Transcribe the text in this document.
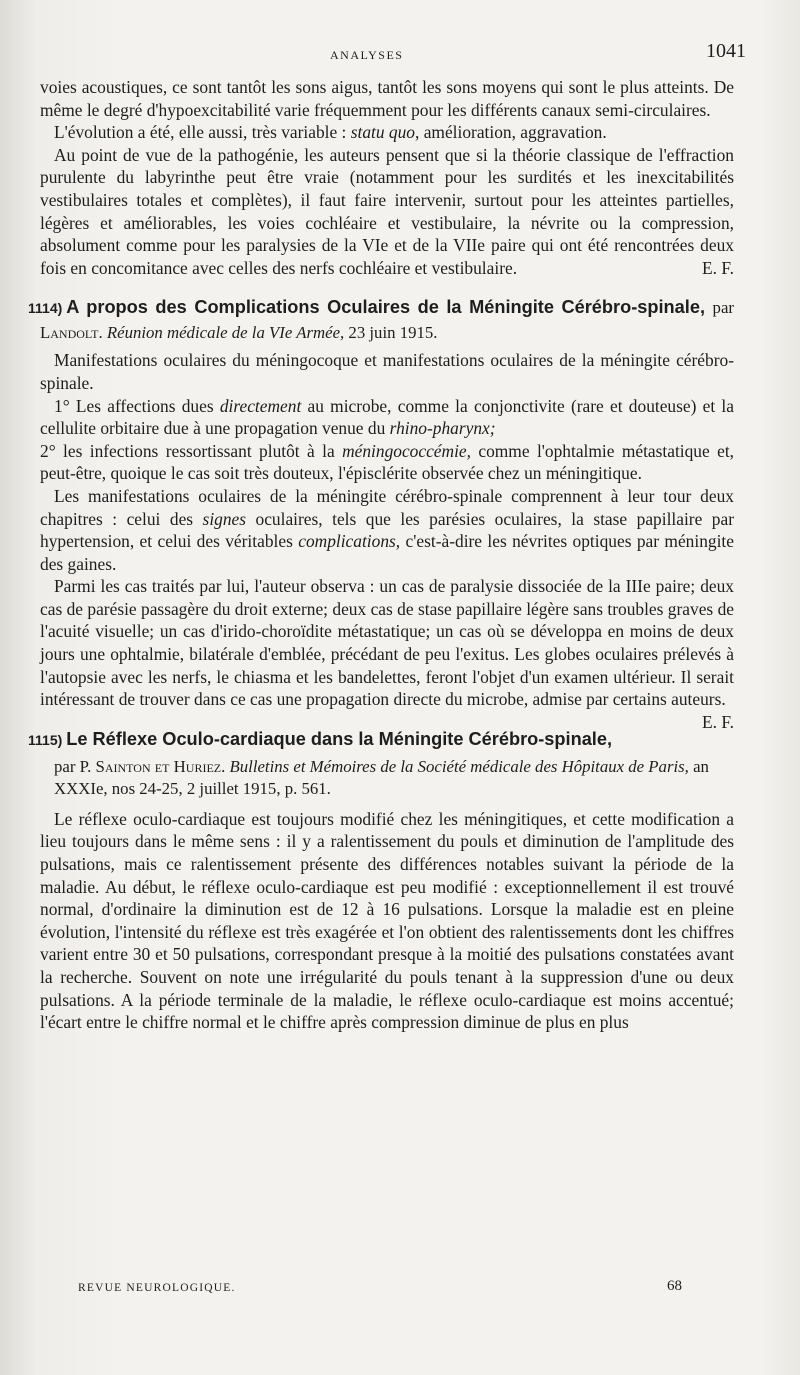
ANALYSES	1041

voies acoustiques, ce sont tantôt les sons aigus, tantôt les sons moyens qui sont le plus atteints. De même le degré d'hypoexcitabilité varie fréquemment pour les différents canaux semi-circulaires.

L'évolution a été, elle aussi, très variable : statu quo, amélioration, aggravation.

Au point de vue de la pathogénie, les auteurs pensent que si la théorie classique de l'effraction purulente du labyrinthe peut être vraie (notamment pour les surdités et les inexcitabilités vestibulaires totales et complètes), il faut faire intervenir, surtout pour les atteintes partielles, légères et améliorables, les voies cochléaire et vestibulaire, la névrite ou la compression, absolument comme pour les paralysies de la VIe et de la VIIe paire qui ont été rencontrées deux fois en concomitance avec celles des nerfs cochléaire et vestibulaire.	E. F.

1114) A propos des Complications Oculaires de la Méningite Cérébro-spinale, par Landolt. Réunion médicale de la VIe Armée, 23 juin 1915.

Manifestations oculaires du méningocoque et manifestations oculaires de la méningite cérébro-spinale.

1° Les affections dues directement au microbe, comme la conjonctivite (rare et douteuse) et la cellulite orbitaire due à une propagation venue du rhino-pharynx;

2° les infections ressortissant plutôt à la méningococcémie, comme l'ophtalmie métastatique et, peut-être, quoique le cas soit très douteux, l'épisclérite observée chez un méningitique.

Les manifestations oculaires de la méningite cérébro-spinale comprennent à leur tour deux chapitres : celui des signes oculaires, tels que les parésies oculaires, la stase papillaire par hypertension, et celui des véritables complications, c'est-à-dire les névrites optiques par méningite des gaines.

Parmi les cas traités par lui, l'auteur observa : un cas de paralysie dissociée de la IIIe paire; deux cas de parésie passagère du droit externe; deux cas de stase papillaire légère sans troubles graves de l'acuité visuelle; un cas d'irido-choroïdite métastatique; un cas où se développa en moins de deux jours une ophtalmie, bilatérale d'emblée, précédant de peu l'exitus. Les globes oculaires prélevés à l'autopsie avec les nerfs, le chiasma et les bandelettes, feront l'objet d'un examen ultérieur. Il serait intéressant de trouver dans ce cas une propagation directe du microbe, admise par certains auteurs.
E. F.

1115) Le Réflexe Oculo-cardiaque dans la Méningite Cérébro-spinale,
par P. Sainton et Huriez. Bulletins et Mémoires de la Société médicale des Hôpitaux de Paris, an XXXIe, nos 24-25, 2 juillet 1915, p. 561.

Le réflexe oculo-cardiaque est toujours modifié chez les méningitiques, et cette modification a lieu toujours dans le même sens : il y a ralentissement du pouls et diminution de l'amplitude des pulsations, mais ce ralentissement présente des différences notables suivant la période de la maladie. Au début, le réflexe oculo-cardiaque est peu modifié : exceptionnellement il est trouvé normal, d'ordinaire la diminution est de 12 à 16 pulsations. Lorsque la maladie est en pleine évolution, l'intensité du réflexe est très exagérée et l'on obtient des ralentissements dont les chiffres varient entre 30 et 50 pulsations, correspondant presque à la moitié des pulsations constatées avant la recherche. Souvent on note une irrégularité du pouls tenant à la suppression d'une ou deux pulsations. A la période terminale de la maladie, le réflexe oculo-cardiaque est moins accentué; l'écart entre le chiffre normal et le chiffre après compression diminue de plus en plus

REVUE NEUROLOGIQUE.	68
